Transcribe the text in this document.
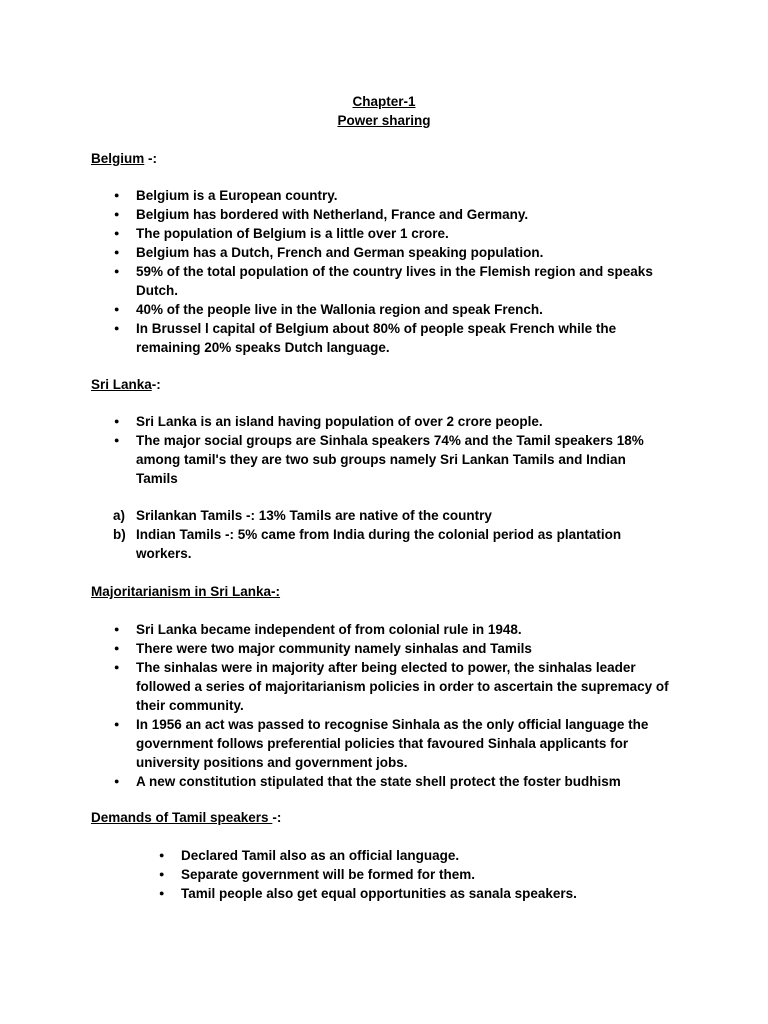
Chapter-1
Power sharing
Belgium -:
● Belgium is a European country.
● Belgium has bordered with Netherland, France and Germany.
● The population of Belgium is a little over 1 crore.
● Belgium has a Dutch, French and German speaking population.
● 59% of the total population of the country lives in the Flemish region and speaks Dutch.
● 40% of the people live in the Wallonia region and speak French.
● In Brussel l capital of Belgium about 80% of people speak French while the remaining 20% speaks Dutch language.
Sri Lanka-:
● Sri Lanka is an island having population of over 2 crore people.
● The major social groups are Sinhala speakers 74% and the Tamil speakers 18% among tamil's they are two sub groups namely Sri Lankan Tamils and Indian Tamils
a) Srilankan Tamils -: 13% Tamils are native of the country
b) Indian Tamils -: 5% came from India during the colonial period as plantation workers.
Majoritarianism in Sri Lanka-:
● Sri Lanka became independent of from colonial rule in 1948.
● There were two major community namely sinhalas and Tamils
● The sinhalas were in majority after being elected to power, the sinhalas leader followed a series of majoritarianism policies in order to ascertain the supremacy of their community.
● In 1956 an act was passed to recognise Sinhala as the only official language the government follows preferential policies that favoured Sinhala applicants for university positions and government jobs.
● A new constitution stipulated that the state shell protect the foster budhism
Demands of Tamil speakers -:
● Declared Tamil also as an official language.
● Separate government will be formed for them.
● Tamil people also get equal opportunities as sanala speakers.
